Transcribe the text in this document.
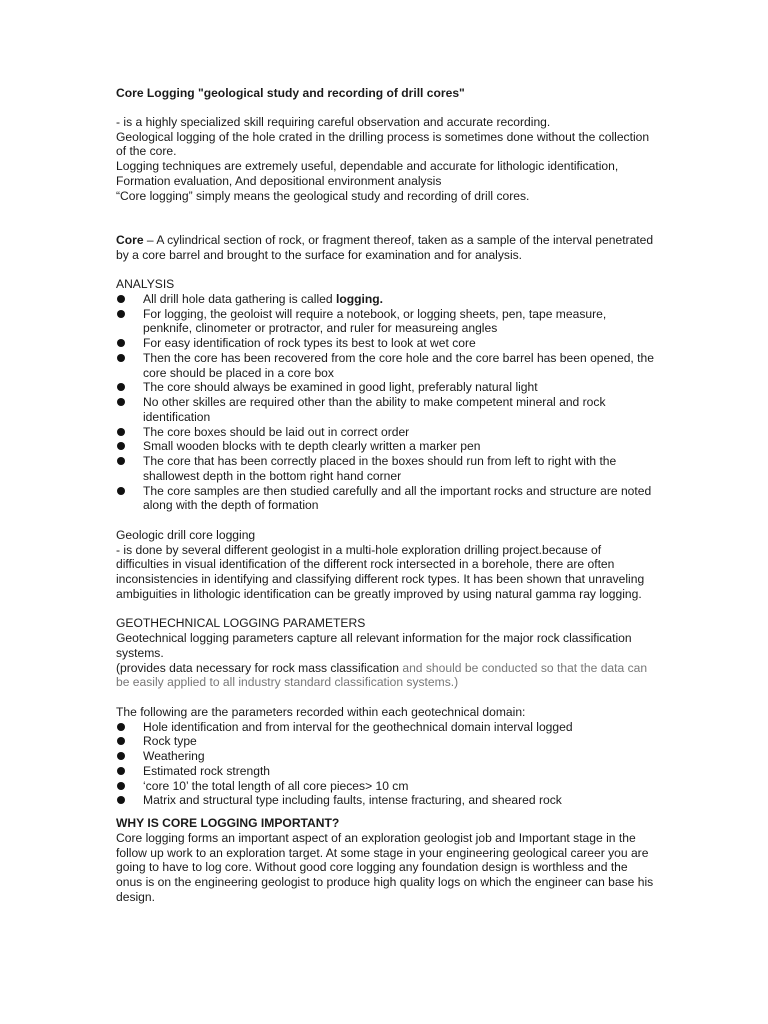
Core Logging "geological study and recording of drill cores"

- is a highly specialized skill requiring careful observation and accurate recording.

Geological logging of the hole crated in the drilling process is sometimes done without the collection of the core.

Logging techniques are extremely useful, dependable and accurate for lithologic identification, Formation evaluation, And depositional environment analysis

“Core logging” simply means the geological study and recording of drill cores.

Core – A cylindrical section of rock, or fragment thereof, taken as a sample of the interval penetrated by a core barrel and brought to the surface for examination and for analysis.

ANALYSIS

All drill hole data gathering is called logging.
For logging, the geoloist will require a notebook, or logging sheets, pen, tape measure, penknife, clinometer or protractor, and ruler for measureing angles
For easy identification of rock types its best to look at wet core
Then the core has been recovered from the core hole and the core barrel has been opened, the core should be placed in a core box
The core should always be examined in good light, preferably natural light
No other skilles are required other than the ability to make competent mineral and rock identification
The core boxes should be laid out in correct order
Small wooden blocks with te depth clearly written a marker pen
The core that has been correctly placed in the boxes should run from left to right with the shallowest depth in the bottom right hand corner
The core samples are then studied carefully and all the important rocks and structure are noted along with the depth of formation

Geologic drill core logging

- is done by several different geologist in a multi-hole exploration drilling project.because of difficulties in visual identification of the different rock intersected in a borehole, there are often inconsistencies in identifying and classifying different rock types. It has been shown that unraveling ambiguities in lithologic identification can be greatly improved by using natural gamma ray logging.

GEOTHECHNICAL LOGGING PARAMETERS

Geotechnical logging parameters capture all relevant information for the major rock classification systems.

(provides data necessary for rock mass classification and should be conducted so that the data can be easily applied to all industry standard classification systems.)

The following are the parameters recorded within each geotechnical domain:

Hole identification and from interval for the geothechnical domain interval logged
Rock type
Weathering
Estimated rock strength
‘core 10’ the total length of all core pieces> 10 cm
Matrix and structural type including faults, intense fracturing, and sheared rock

WHY IS CORE LOGGING IMPORTANT?

Core logging forms an important aspect of an exploration geologist job and Important stage in the follow up work to an exploration target. At some stage in your engineering geological career you are going to have to log core. Without good core logging any foundation design is worthless and the onus is on the engineering geologist to produce high quality logs on which the engineer can base his design.
